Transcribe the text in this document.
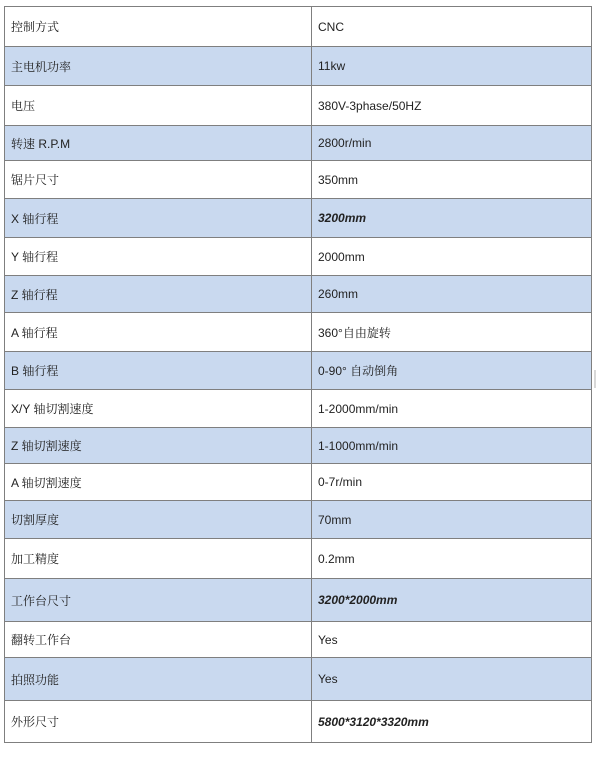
控制方式	CNC
主电机功率	11kw
电压	380V-3phase/50HZ
转速 R.P.M	2800r/min
锯片尺寸	350mm
X 轴行程	3200mm
Y 轴行程	2000mm
Z 轴行程	260mm
A 轴行程	360°自由旋转
B 轴行程	0-90° 自动倒角
X/Y 轴切割速度	1-2000mm/min
Z 轴切割速度	1-1000mm/min
A 轴切割速度	0-7r/min
切割厚度	70mm
加工精度	0.2mm
工作台尺寸	3200*2000mm
翻转工作台	Yes
拍照功能	Yes
外形尺寸	5800*3120*3320mm
